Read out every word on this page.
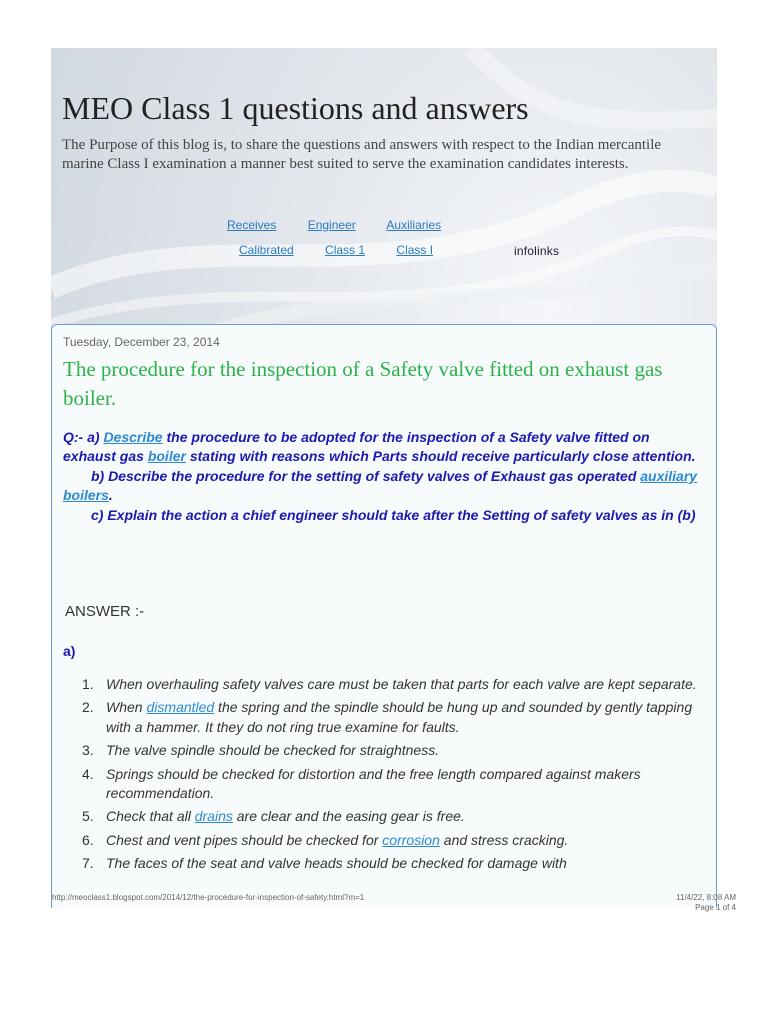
MEO Class 1 questions and answers

The Purpose of this blog is, to share the questions and answers with respect to the Indian mercantile marine Class I examination a manner best suited to serve the examination candidates interests.

Receives	Engineer	Auxiliaries
Calibrated	Class 1	Class I	infolinks
Tuesday, December 23, 2014
The procedure for the inspection of a Safety valve fitted on exhaust gas boiler.
Q:- a) Describe the procedure to be adopted for the inspection of a Safety valve fitted on exhaust gas boiler stating with reasons which Parts should receive particularly close attention.
b) Describe the procedure for the setting of safety valves of Exhaust gas operated auxiliary  boilers.
c) Explain the action a chief engineer should take after the Setting of safety valves as in (b)
ANSWER :-
a)
1. When overhauling safety valves care must be taken that parts for each valve are kept separate.
2. When dismantled the spring and the spindle should be hung up and sounded by gently tapping with a hammer. It they do not ring true examine for faults.
3. The valve spindle should be checked for straightness.
4. Springs should be checked for distortion and the free length compared against makers recommendation.
5. Check that all drains are clear and the easing gear is free.
6. Chest and vent pipes should be checked for corrosion and stress cracking.
7. The faces of the seat and valve heads should be checked for damage with
http://meoclass1.blogspot.com/2014/12/the-procedure-for-inspection-of-safety.html?m=1	11/4/22, 8:08 AM
Page 1 of 4
